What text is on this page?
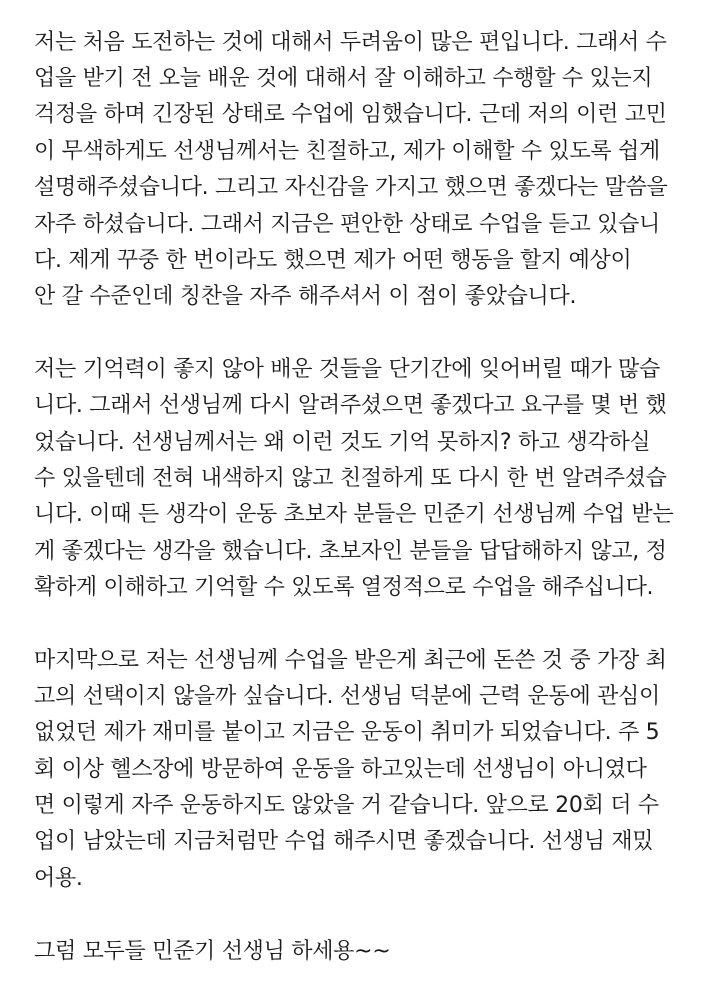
저는 처음 도전하는 것에 대해서 두려움이 많은 편입니다. 그래서 수
업을 받기 전 오늘 배운 것에 대해서 잘 이해하고 수행할 수 있는지
걱정을 하며 긴장된 상태로 수업에 임했습니다. 근데 저의 이런 고민
이 무색하게도 선생님께서는 친절하고, 제가 이해할 수 있도록 쉽게
설명해주셨습니다. 그리고 자신감을 가지고 했으면 좋겠다는 말씀을
자주 하셨습니다. 그래서 지금은 편안한 상태로 수업을 듣고 있습니
다. 제게 꾸중 한 번이라도 했으면 제가 어떤 행동을 할지 예상이
안 갈 수준인데 칭찬을 자주 해주셔서 이 점이 좋았습니다.
저는 기억력이 좋지 않아 배운 것들을 단기간에 잊어버릴 때가 많습
니다. 그래서 선생님께 다시 알려주셨으면 좋겠다고 요구를 몇 번 했
었습니다. 선생님께서는 왜 이런 것도 기억 못하지? 하고 생각하실
수 있을텐데 전혀 내색하지 않고 친절하게 또 다시 한 번 알려주셨습
니다. 이때 든 생각이 운동 초보자 분들은 민준기 선생님께 수업 받는
게 좋겠다는 생각을 했습니다. 초보자인 분들을 답답해하지 않고, 정
확하게 이해하고 기억할 수 있도록 열정적으로 수업을 해주십니다.
마지막으로 저는 선생님께 수업을 받은게 최근에 돈쓴 것 중 가장 최
고의 선택이지 않을까 싶습니다. 선생님 덕분에 근력 운동에 관심이
없었던 제가 재미를 붙이고 지금은 운동이 취미가 되었습니다. 주 5
회 이상 헬스장에 방문하여 운동을 하고있는데 선생님이 아니였다
면 이렇게 자주 운동하지도 않았을 거 같습니다. 앞으로 20회 더 수
업이 남았는데 지금처럼만 수업 해주시면 좋겠습니다. 선생님 재밌
어용.
그럼 모두들 민준기 선생님 하세용~~
